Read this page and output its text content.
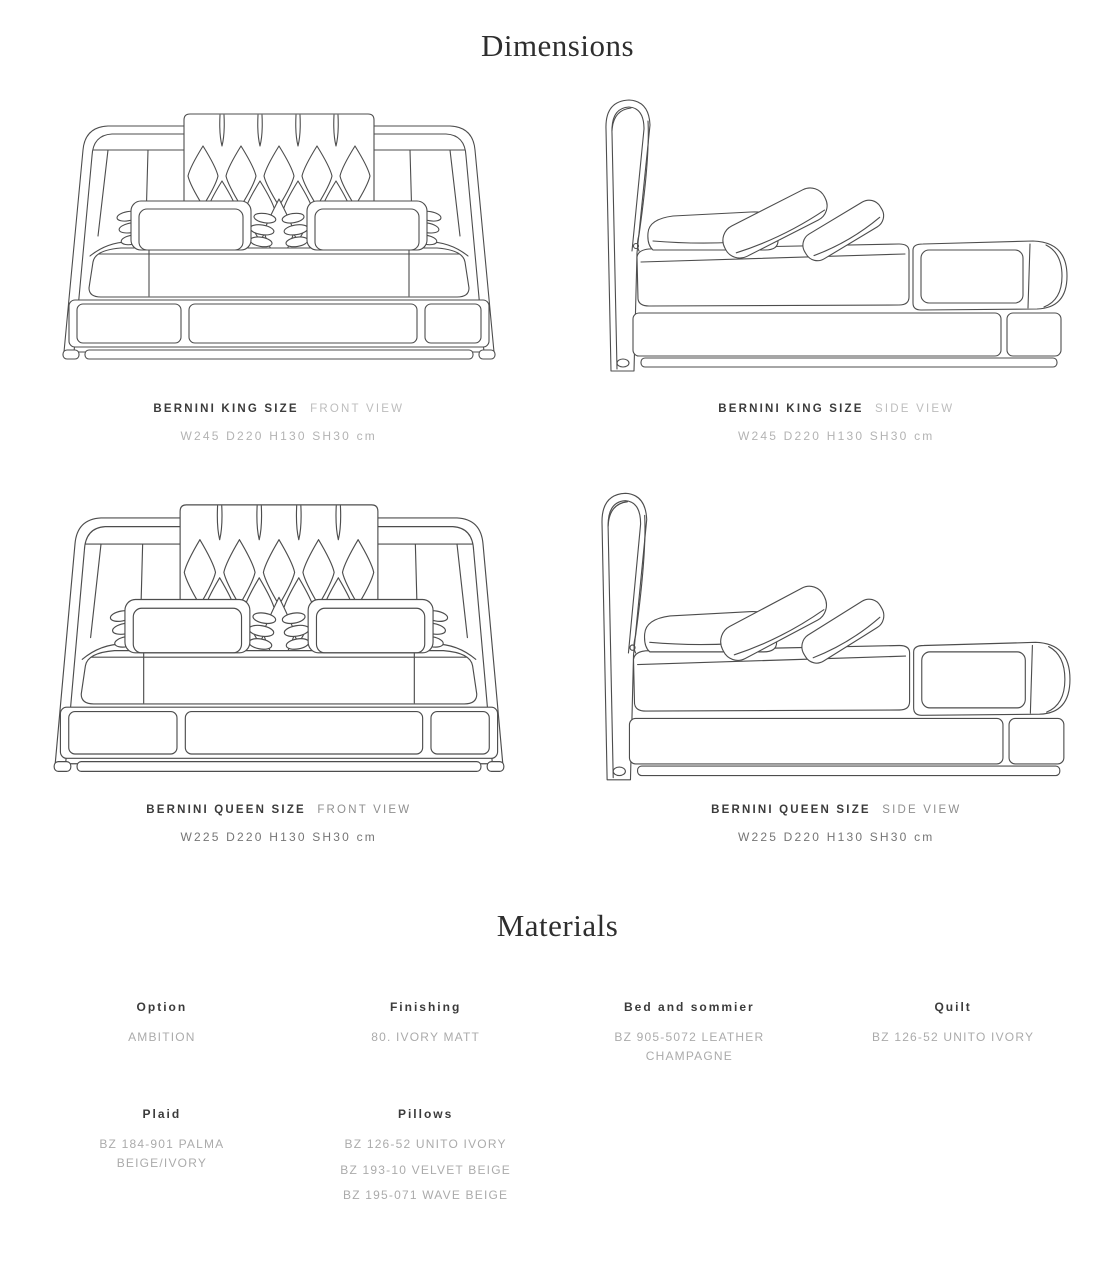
Dimensions
BERNINI KING SIZE FRONT VIEW
W245 D220 H130 SH30 cm
BERNINI KING SIZE SIDE VIEW
W245 D220 H130 SH30 cm
BERNINI QUEEN SIZE FRONT VIEW
W225 D220 H130 SH30 cm
BERNINI QUEEN SIZE SIDE VIEW
W225 D220 H130 SH30 cm
Materials
Option
AMBITION
Finishing
80. IVORY MATT
Bed and sommier
BZ 905-5072 LEATHER CHAMPAGNE
Quilt
BZ 126-52 UNITO IVORY
Plaid
BZ 184-901 PALMA BEIGE/IVORY
Pillows
BZ 126-52 UNITO IVORY
BZ 193-10 VELVET BEIGE
BZ 195-071 WAVE BEIGE
